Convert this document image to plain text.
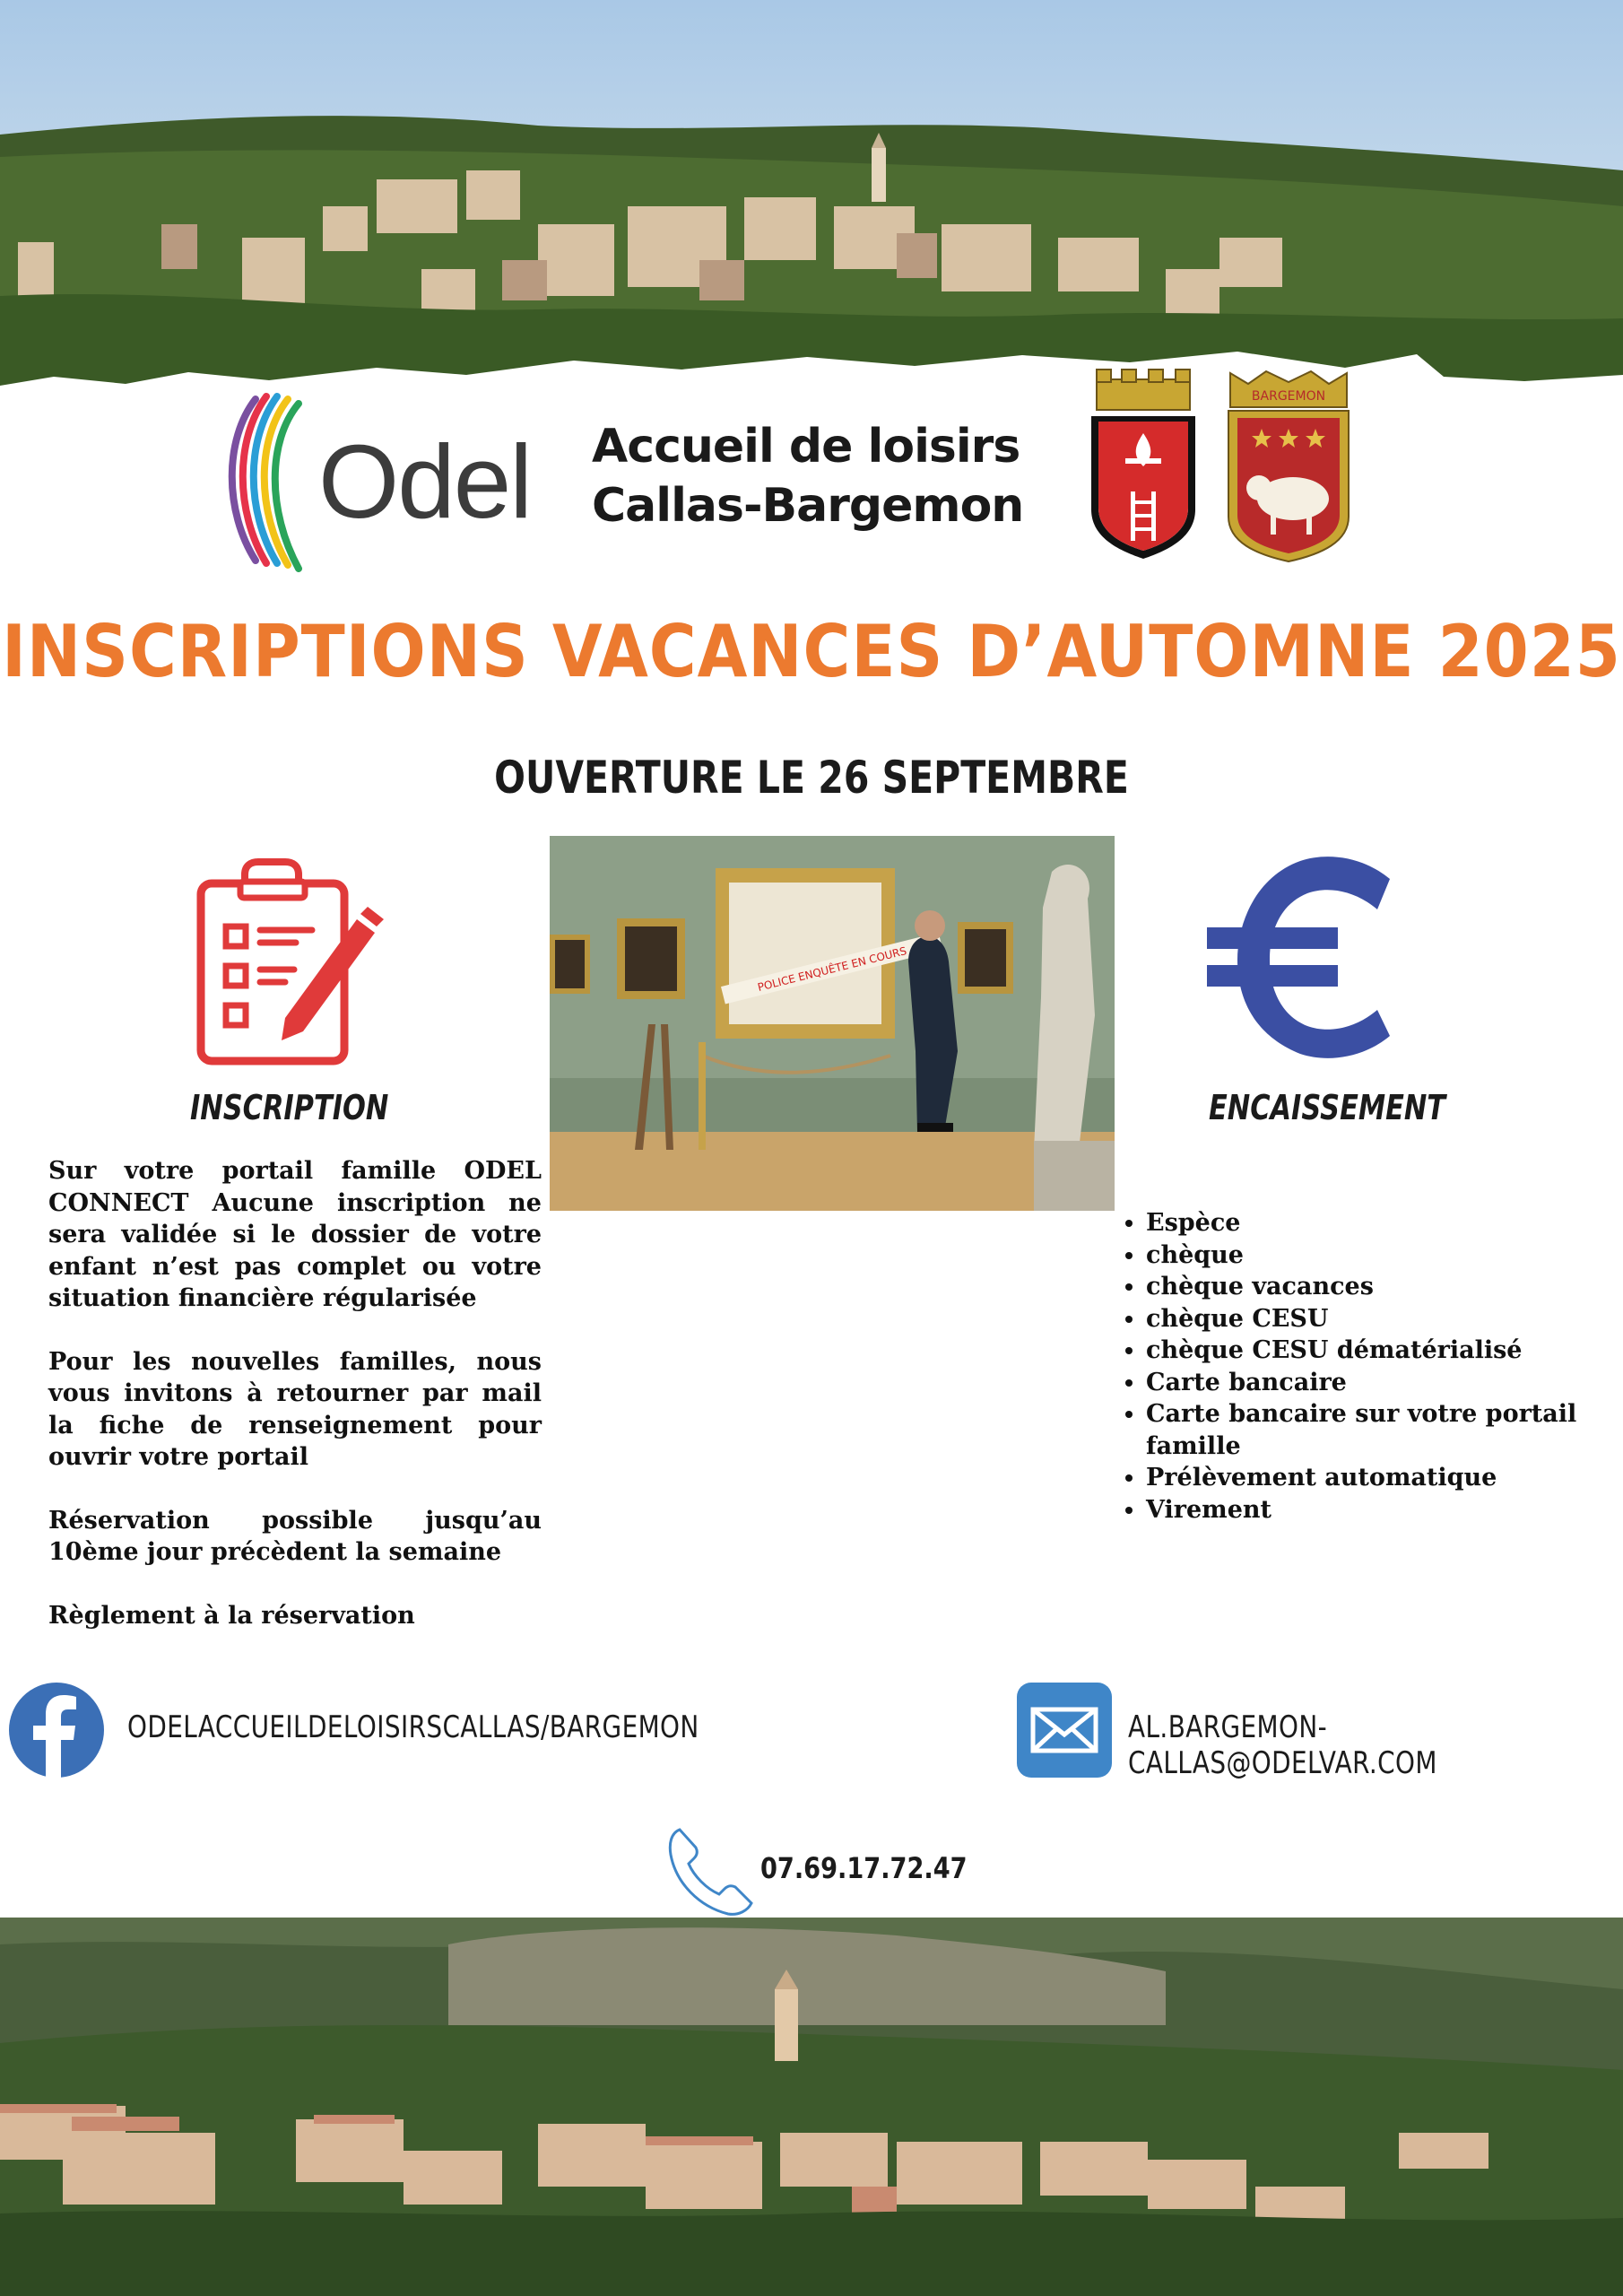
Odel Accueil de loisirs
Callas-Bargemon
BARGEMON
INSCRIPTIONS VACANCES D’AUTOMNE 2025
OUVERTURE LE 26 SEPTEMBRE
INSCRIPTION
POLICE ENQUÊTE EN COURS
ENCAISSEMENT

Sur votre portail famille ODEL CONNECT Aucune inscription ne sera validée si le dossier de votre enfant n’est pas complet ou votre situation financière régularisée

Pour les nouvelles familles, nous vous invitons à retourner par mail la fiche de renseignement pour ouvrir votre portail

Réservation possible jusqu’au 10ème jour précèdent la semaine

Règlement à la réservation

• Espèce
• chèque
• chèque vacances
• chèque CESU
• chèque CESU dématérialisé
• Carte bancaire
• Carte bancaire sur votre portail famille
• Prélèvement automatique
• Virement
ODELACCUEILDELOISIRSCALLAS/BARGEMON	AL.BARGEMON-CALLAS@ODELVAR.COM
07.69.17.72.47
